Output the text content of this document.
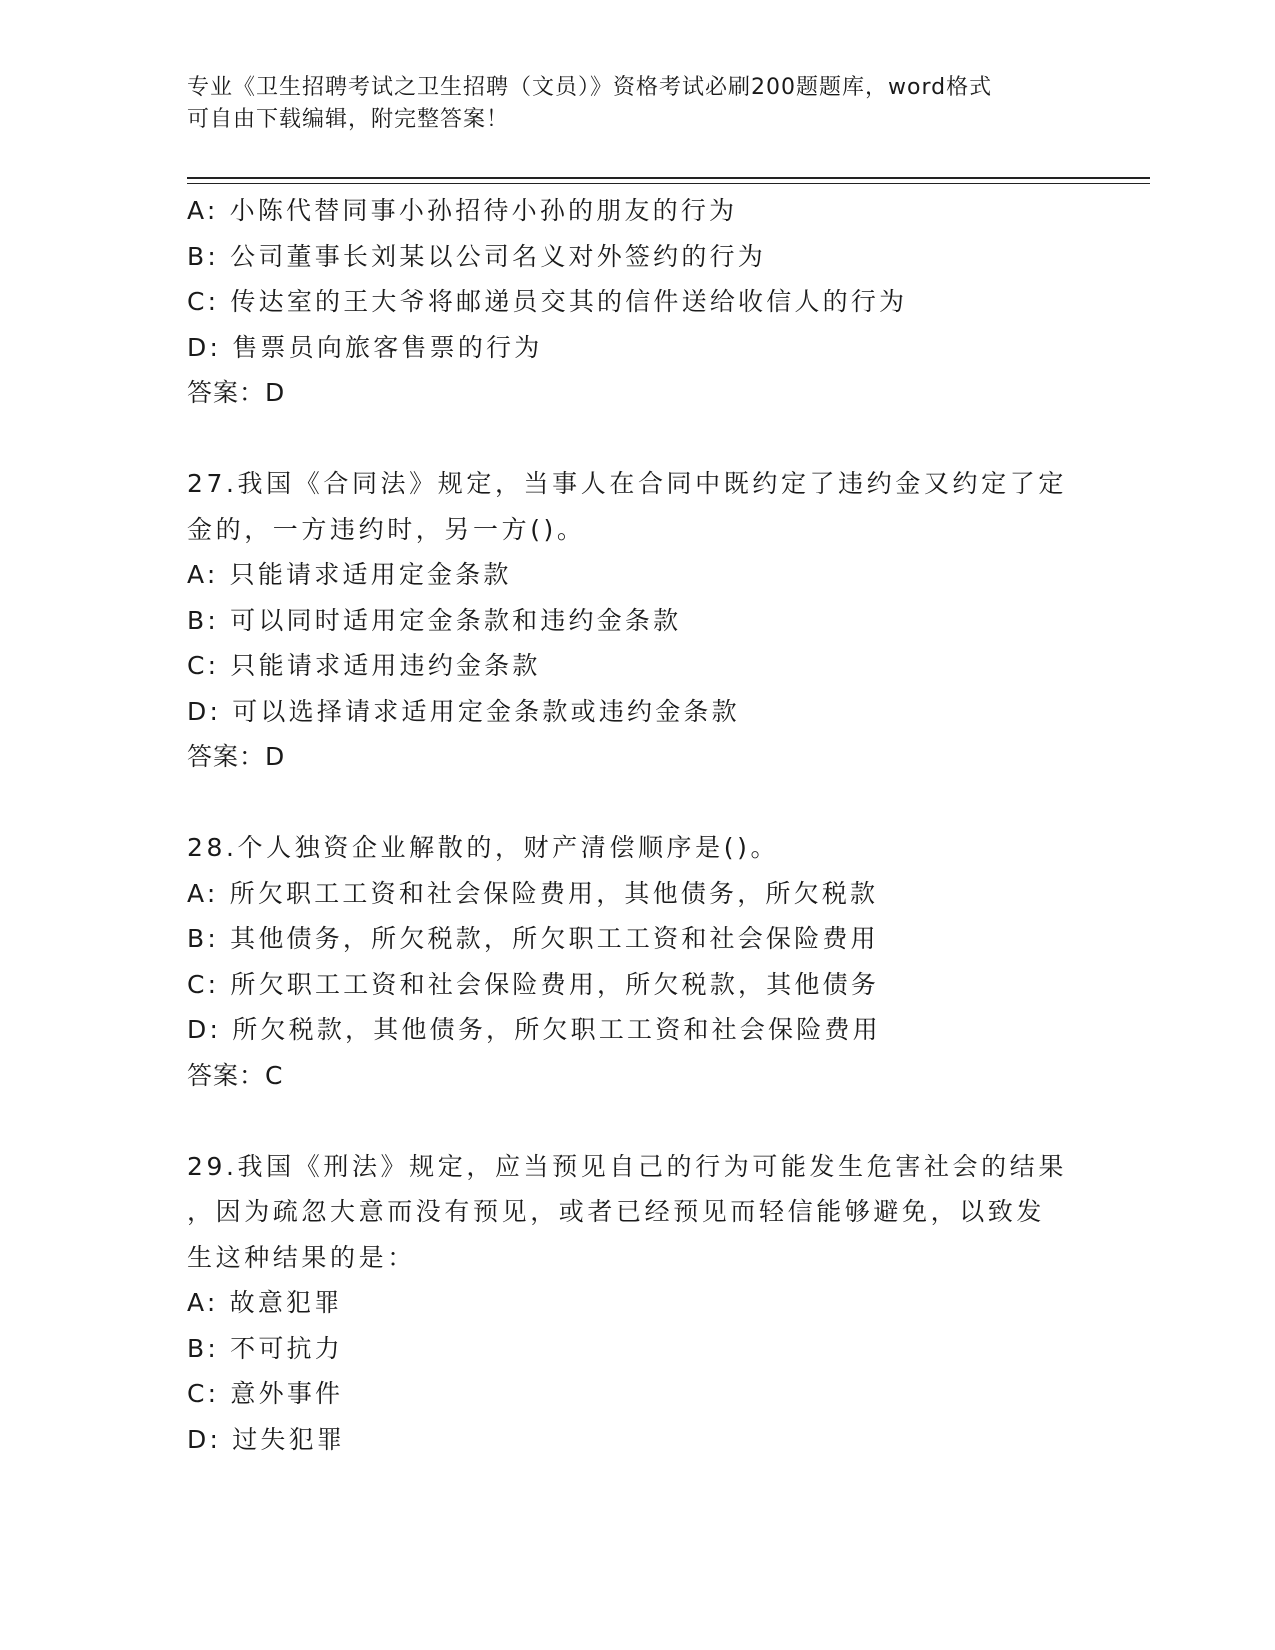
专业《卫生招聘考试之卫生招聘（文员）》资格考试必刷200题题库，word格式
可自由下载编辑，附完整答案！
A: 小陈代替同事小孙招待小孙的朋友的行为
B: 公司董事长刘某以公司名义对外签约的行为
C: 传达室的王大爷将邮递员交其的信件送给收信人的行为
D: 售票员向旅客售票的行为
答案：D
27.我国《合同法》规定，当事人在合同中既约定了违约金又约定了定
金的，一方违约时，另一方()。
A: 只能请求适用定金条款
B: 可以同时适用定金条款和违约金条款
C: 只能请求适用违约金条款
D: 可以选择请求适用定金条款或违约金条款
答案：D
28.个人独资企业解散的，财产清偿顺序是()。
A: 所欠职工工资和社会保险费用，其他债务，所欠税款
B: 其他债务，所欠税款，所欠职工工资和社会保险费用
C: 所欠职工工资和社会保险费用，所欠税款，其他债务
D: 所欠税款，其他债务，所欠职工工资和社会保险费用
答案：C
29.我国《刑法》规定，应当预见自己的行为可能发生危害社会的结果
，因为疏忽大意而没有预见，或者已经预见而轻信能够避免，以致发
生这种结果的是：
A: 故意犯罪
B: 不可抗力
C: 意外事件
D: 过失犯罪
